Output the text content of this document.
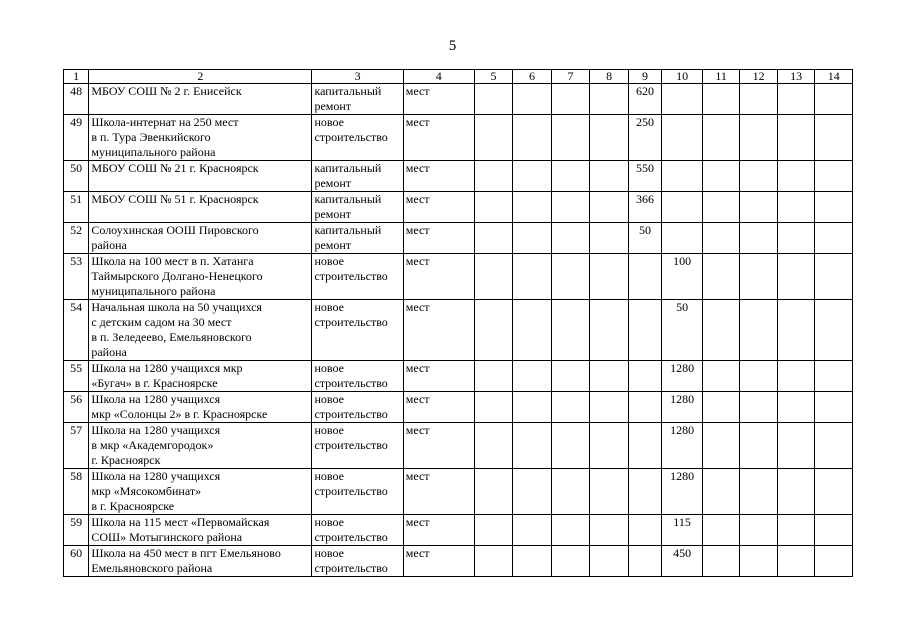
5
1	2	3	4	5	6	7	8	9	10	11	12	13	14
48	МБОУ СОШ № 2 г. Енисейск	капитальный
ремонт	мест					620					
49	Школа-интернат на 250 мест
в п. Тура Эвенкийского
муниципального района	новое
строительство	мест					250					
50	МБОУ СОШ № 21 г. Красноярск	капитальный
ремонт	мест					550					
51	МБОУ СОШ № 51 г. Красноярск	капитальный
ремонт	мест					366					
52	Солоухинская ООШ Пировского
района	капитальный
ремонт	мест					50					
53	Школа на 100 мест в п. Хатанга
Таймырского Долгано-Ненецкого
муниципального района	новое
строительство	мест						100				
54	Начальная школа на 50 учащихся
с детским садом на 30 мест
в п. Зеледеево, Емельяновского
района	новое
строительство	мест						50				
55	Школа на 1280 учащихся мкр
«Бугач» в г. Красноярске	новое
строительство	мест						1280				
56	Школа на 1280 учащихся
мкр «Солонцы 2» в г. Красноярске	новое
строительство	мест						1280				
57	Школа на 1280 учащихся
в мкр «Академгородок»
г. Красноярск	новое
строительство	мест						1280				
58	Школа на 1280 учащихся
мкр «Мясокомбинат»
в г. Красноярске	новое
строительство	мест						1280				
59	Школа на 115 мест «Первомайская
СОШ» Мотыгинского района	новое
строительство	мест						115				
60	Школа на 450 мест в пгт Емельяново
Емельяновского района	новое
строительство	мест						450				
